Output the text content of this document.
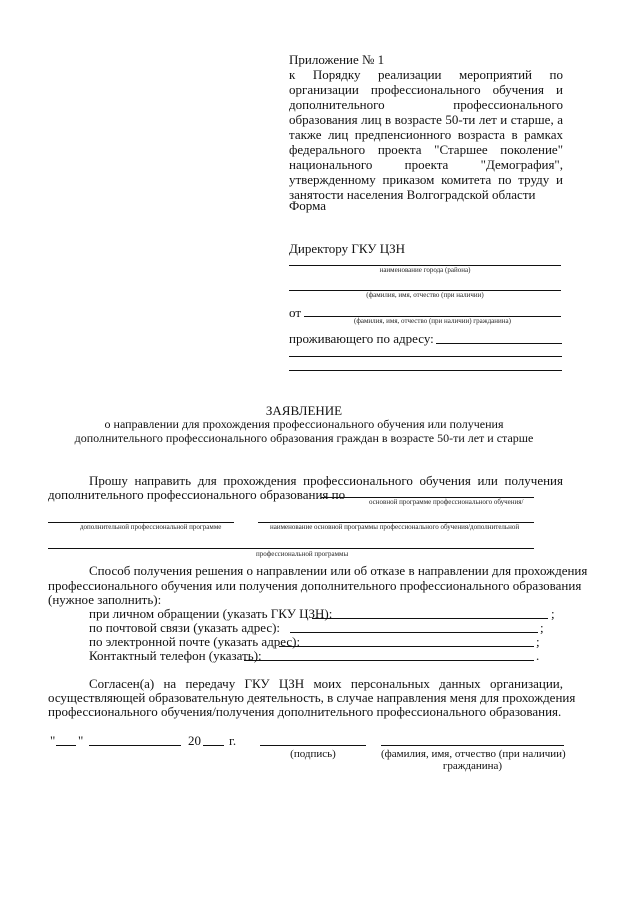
Приложение № 1
к Порядку реализации мероприятий по
организации профессионального обучения и
дополнительного профессионального
образования лиц в возрасте 50-ти лет и старше, а
также лиц предпенсионного возраста в рамках
федерального проекта "Старшее поколение"
национального проекта "Демография",
утвержденному приказом комитета по труду и
занятости населения Волгоградской области
Форма
Директору ГКУ ЦЗН
наименование города (района)
(фамилия, имя, отчество (при наличии)
от
(фамилия, имя, отчество (при наличии) гражданина)
проживающего по адресу:
ЗАЯВЛЕНИЕ
о направлении для прохождения профессионального обучения или получения
дополнительного профессионального образования граждан в возрасте 50-ти лет и старше
Прошу направить для прохождения профессионального обучения или получения
дополнительного профессионального образования по	основной программе профессионального обучения/
дополнительной профессиональной программе	наименование основной программы профессионального обучения/дополнительной
профессиональной программы
Способ получения решения о направлении или об отказе в направлении для прохождения
профессионального обучения или получения дополнительного профессионального образования
(нужное заполнить):
при личном обращении (указать ГКУ ЦЗН):	;
по почтовой связи (указать адрес):	;
по электронной почте (указать адрес):	;
Контактный телефон (указать):	.
Согласен(а) на передачу ГКУ ЦЗН моих персональных данных организации,
осуществляющей образовательную деятельность, в случае направления меня для прохождения
профессионального обучения/получения дополнительного профессионального образования.
" "	20 г.
(подпись)	(фамилия, имя, отчество (при наличии)
гражданина)
